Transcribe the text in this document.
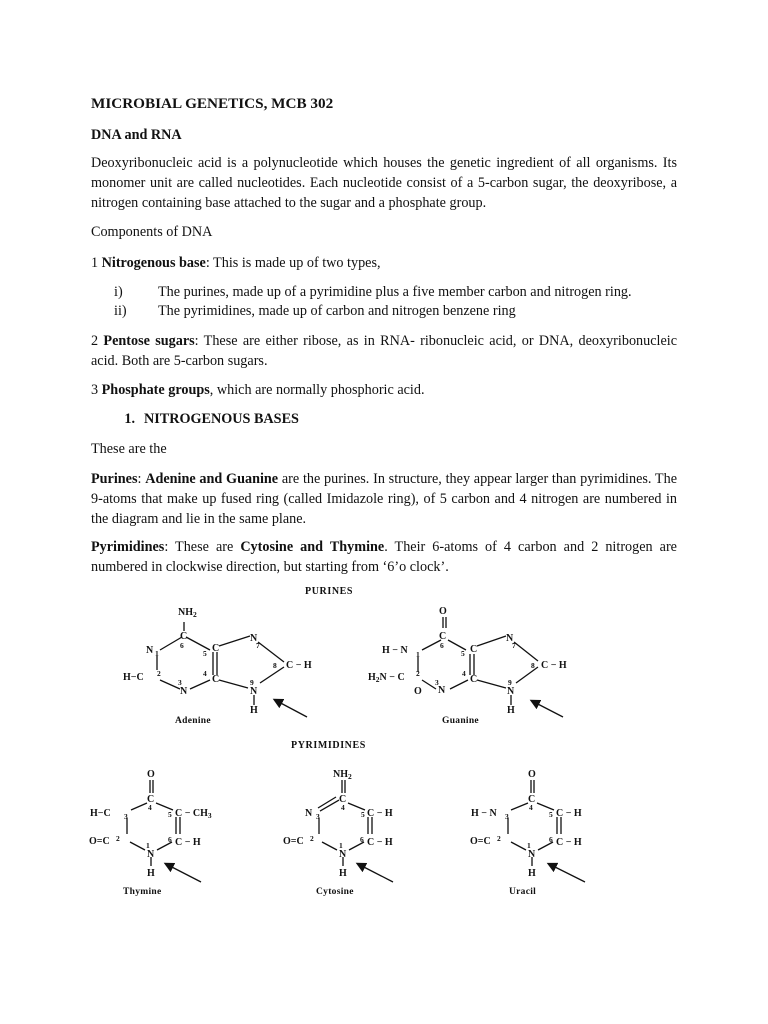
MICROBIAL GENETICS, MCB 302
DNA and RNA

Deoxyribonucleic acid is a polynucleotide which houses the genetic ingredient of all organisms. Its monomer unit are called nucleotides. Each nucleotide consist of a 5-carbon sugar, the deoxyribose, a nitrogen containing base attached to the sugar and a phosphate group.

Components of DNA
1 Nitrogenous base: This is made up of two types,
i) The purines, made up of a pyrimidine plus a five member carbon and nitrogen ring.
ii) The pyrimidines, made up of carbon and nitrogen benzene ring

2 Pentose sugars: These are either ribose, as in RNA- ribonucleic acid, or DNA, deoxyribonucleic acid. Both are 5-carbon sugars.

3 Phosphate groups, which are normally phosphoric acid.
1. NITROGENOUS BASES
These are the

Purines: Adenine and Guanine are the purines. In structure, they appear larger than pyrimidines. The 9-atoms that make up fused ring (called Imidazole ring), of 5 carbon and 4 nitrogen are numbered in the diagram and lie in the same plane.

Pyrimidines: These are Cytosine and Thymine. Their 6-atoms of 4 carbon and 2 nitrogen are numbered in clockwise direction, but starting from ‘6’o clock’.

PURINES
PYRIMIDINES
Adenine	Guanine
Thymine	Cytosine	Uracil
$NH_2$
C
6
N 1	5 C
N
7
8 C − H
H−C 2
3
N
4
C	9
N
H
O
C
6
H − N 1	5 C
N
7
8 C − H
$H_2N - C$ 2
3
N
O
4
C	9
N
H
O
C
4
H−C 3	5 $C - CH_3$
O=C 2	6 C − H
1
N
H
$NH_2$
C
4
N 3	5 C − H
O=C 2	6 C − H
1
N
H
O
C
4
H − N 3	5 C − H
O=C 2	6 C − H
1
N
H
